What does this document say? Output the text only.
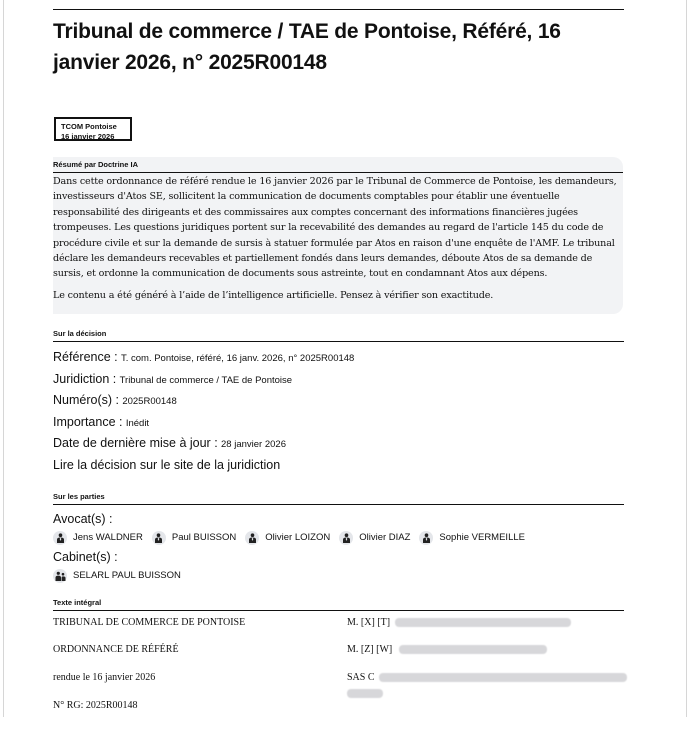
Tribunal de commerce / TAE de Pontoise, Référé, 16 janvier 2026, n° 2025R00148
TCOM Pontoise
16 janvier 2026
Résumé par Doctrine IA

Dans cette ordonnance de référé rendue le 16 janvier 2026 par le Tribunal de Commerce de Pontoise, les demandeurs, investisseurs d'Atos SE, sollicitent la communication de documents comptables pour établir une éventuelle responsabilité des dirigeants et des commissaires aux comptes concernant des informations financières jugées trompeuses. Les questions juridiques portent sur la recevabilité des demandes au regard de l'article 145 du code de procédure civile et sur la demande de sursis à statuer formulée par Atos en raison d'une enquête de l'AMF. Le tribunal déclare les demandeurs recevables et partiellement fondés dans leurs demandes, déboute Atos de sa demande de sursis, et ordonne la communication de documents sous astreinte, tout en condamnant Atos aux dépens.

Le contenu a été généré à l’aide de l’intelligence artificielle. Pensez à vérifier son exactitude.

Sur la décision
Référence : T. com. Pontoise, référé, 16 janv. 2026, n° 2025R00148
Juridiction : Tribunal de commerce / TAE de Pontoise
Numéro(s) : 2025R00148
Importance : Inédit
Date de dernière mise à jour : 28 janvier 2026
Lire la décision sur le site de la juridiction
Sur les parties
Avocat(s) :
Jens WALDNER	Paul BUISSON	Olivier LOIZON	Olivier DIAZ	Sophie VERMEILLE
Cabinet(s) :
SELARL PAUL BUISSON
Texte intégral
TRIBUNAL DE COMMERCE DE PONTOISE
ORDONNANCE DE RÉFÉRÉ
rendue le 16 janvier 2026
N° RG: 2025R00148
M. [X] [T]
M. [Z] [W]
SAS C
